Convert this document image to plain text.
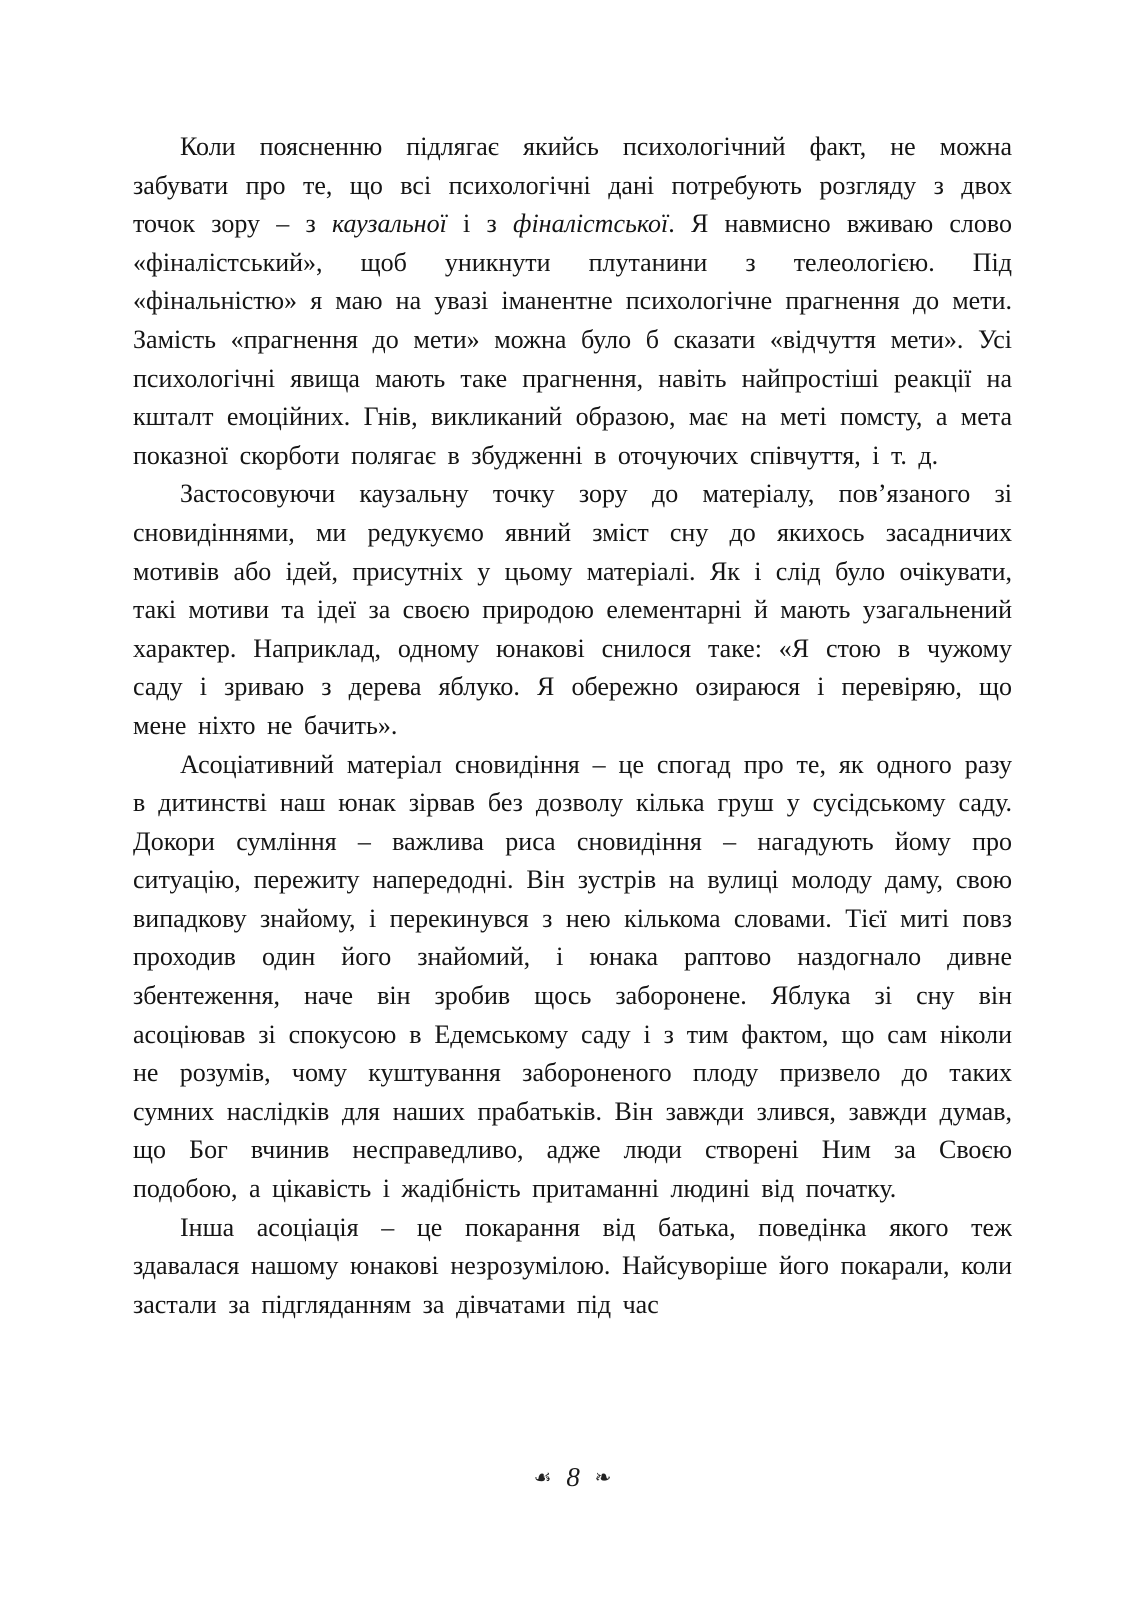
Коли поясненню підлягає якийсь психологічний факт, не можна забувати про те, що всі психологічні дані потребують розгляду з двох точок зору – з каузальної і з фіналістської. Я навмисно вживаю слово «фіналістський», щоб уникнути плутанини з телеологією. Під «фінальністю» я маю на увазі іманентне психологічне прагнення до мети. Замість «прагнення до мети» можна було б сказати «відчуття мети». Усі психологічні явища мають таке прагнення, навіть найпростіші реакції на кшталт емоційних. Гнів, викликаний образою, має на меті помсту, а мета показної скорботи полягає в збудженні в оточуючих співчуття, і т. д.

Застосовуючи каузальну точку зору до матеріалу, пов’язаного зі сновидіннями, ми редукуємо явний зміст сну до якихось засадничих мотивів або ідей, присутніх у цьому матеріалі. Як і слід було очікувати, такі мотиви та ідеї за своєю природою елементарні й мають узагальнений характер. Наприклад, одному юнакові снилося таке: «Я стою в чужому саду і зриваю з дерева яблуко. Я обережно озираюся і перевіряю, що мене ніхто не бачить».

Асоціативний матеріал сновидіння – це спогад про те, як одного разу в дитинстві наш юнак зірвав без дозволу кілька груш у сусідському саду. Докори сумління – важлива риса сновидіння – нагадують йому про ситуацію, пережиту напередодні. Він зустрів на вулиці молоду даму, свою випадкову знайому, і перекинувся з нею кількома словами. Тієї миті повз проходив один його знайомий, і юнака раптово наздогнало дивне збентеження, наче він зробив щось заборонене. Яблука зі сну він асоціював зі спокусою в Едемському саду і з тим фактом, що сам ніколи не розумів, чому куштування забороненого плоду призвело до таких сумних наслідків для наших прабатьків. Він завжди злився, завжди думав, що Бог вчинив несправедливо, адже люди створені Ним за Своєю подобою, а цікавість і жадібність притаманні людині від початку.

Інша асоціація – це покарання від батька, поведінка якого теж здавалася нашому юнакові незрозумілою. Найсуворіше його покарали, коли застали за підгляданням за дівчатами під час

☙ 8 ❧
